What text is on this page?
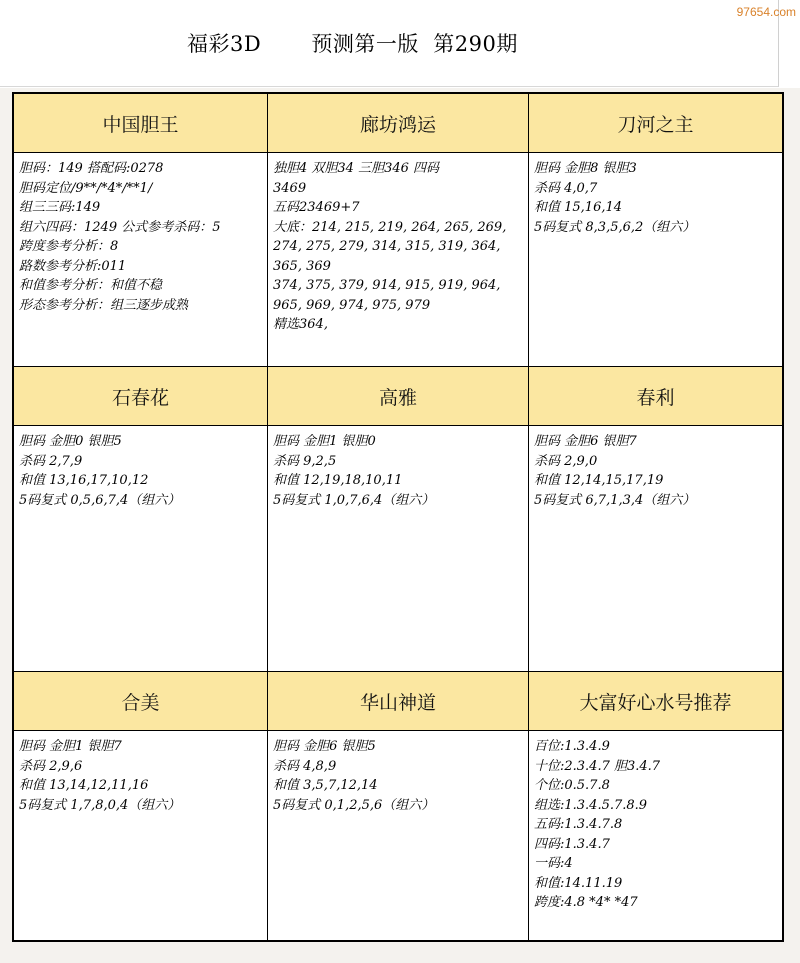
福彩3D       预测第一版  第290期
97654.com
中国胆王
胆码：149 搭配码:0278
胆码定位/9**/*4*/**1/
组三三码:149
组六四码：1249 公式参考杀码：5
跨度参考分析：8
路数参考分析:011
和值参考分析：和值不稳
形态参考分析：组三逐步成熟
廊坊鸿运
独胆4 双胆34 三胆346 四码
3469
五码23469+7
大底：214, 215, 219, 264, 265, 269,
274, 275, 279, 314, 315, 319, 364,
365, 369
374, 375, 379, 914, 915, 919, 964,
965, 969, 974, 975, 979
精选364,
刀河之主
胆码 金胆8 银胆3
杀码 4,0,7
和值 15,16,14
5码复式 8,3,5,6,2（组六）
石春花
胆码 金胆0 银胆5
杀码 2,7,9
和值 13,16,17,10,12
5码复式 0,5,6,7,4（组六）
高雅
胆码 金胆1 银胆0
杀码 9,2,5
和值 12,19,18,10,11
5码复式 1,0,7,6,4（组六）
春利
胆码 金胆6 银胆7
杀码 2,9,0
和值 12,14,15,17,19
5码复式 6,7,1,3,4（组六）
合美
胆码 金胆1 银胆7
杀码 2,9,6
和值 13,14,12,11,16
5码复式 1,7,8,0,4（组六）
华山神道
胆码 金胆6 银胆5
杀码 4,8,9
和值 3,5,7,12,14
5码复式 0,1,2,5,6（组六）
大富好心水号推荐
百位:1.3.4.9
十位:2.3.4.7 胆3.4.7
个位:0.5.7.8
组选:1.3.4.5.7.8.9
五码:1.3.4.7.8
四码:1.3.4.7
一码:4
和值:14.11.19
跨度:4.8 *4* *47
